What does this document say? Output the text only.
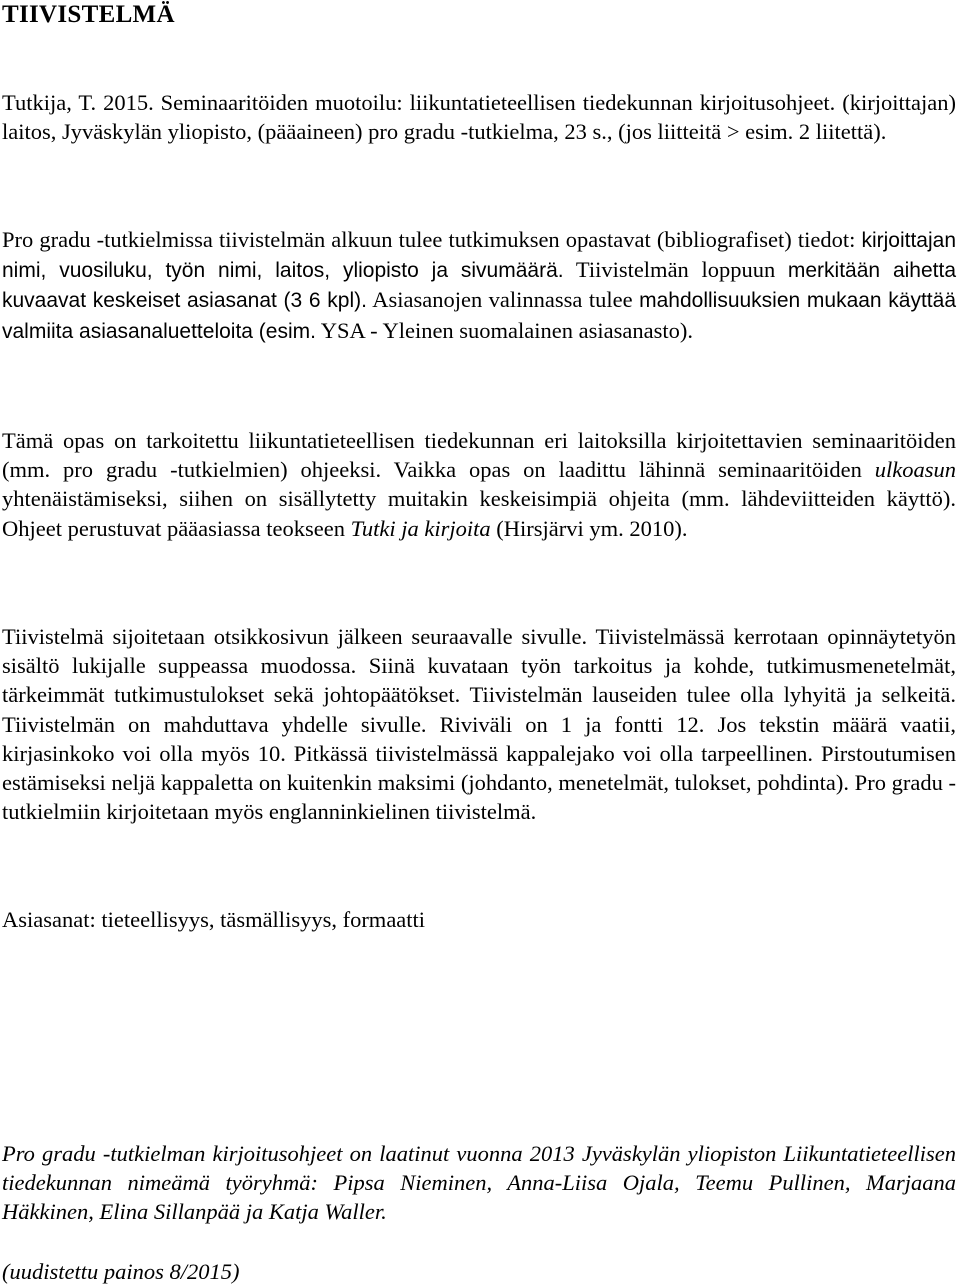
TIIVISTELMÄ

Tutkija, T. 2015. Seminaaritöiden muotoilu: liikuntatieteellisen tiedekunnan kirjoitusohjeet. (kirjoittajan) laitos, Jyväskylän yliopisto, (pääaineen) pro gradu -tutkielma, 23 s., (jos liitteitä > esim. 2 liitettä).

Pro gradu -tutkielmissa tiivistelmän alkuun tulee tutkimuksen opastavat (bibliografiset) tiedot: kirjoittajan nimi, vuosiluku, työn nimi, laitos, yliopisto ja sivumäärä. Tiivistelmän loppuun merkitään aihetta kuvaavat keskeiset asiasanat (3 6 kpl). Asiasanojen valinnassa tulee mahdollisuuksien mukaan käyttää valmiita asiasanaluetteloita (esim. YSA - Yleinen suomalainen asiasanasto).

Tämä opas on tarkoitettu liikuntatieteellisen tiedekunnan eri laitoksilla kirjoitettavien seminaaritöiden (mm. pro gradu -tutkielmien) ohjeeksi. Vaikka opas on laadittu lähinnä seminaaritöiden ulkoasun yhtenäistämiseksi, siihen on sisällytetty muitakin keskeisimpiä ohjeita (mm. lähdeviitteiden käyttö). Ohjeet perustuvat pääasiassa teokseen Tutki ja kirjoita (Hirsjärvi ym. 2010).

Tiivistelmä sijoitetaan otsikkosivun jälkeen seuraavalle sivulle. Tiivistelmässä kerrotaan opinnäytetyön sisältö lukijalle suppeassa muodossa. Siinä kuvataan työn tarkoitus ja kohde, tutkimusmenetelmät, tärkeimmät tutkimustulokset sekä johtopäätökset. Tiivistelmän lauseiden tulee olla lyhyitä ja selkeitä. Tiivistelmän on mahduttava yhdelle sivulle. Riviväli on 1 ja fontti 12. Jos tekstin määrä vaatii, kirjasinkoko voi olla myös 10. Pitkässä tiivistelmässä kappalejako voi olla tarpeellinen. Pirstoutumisen estämiseksi neljä kappaletta on kuitenkin maksimi (johdanto, menetelmät, tulokset, pohdinta). Pro gradu -tutkielmiin kirjoitetaan myös englanninkielinen tiivistelmä.

Asiasanat: tieteellisyys, täsmällisyys, formaatti

Pro gradu -tutkielman kirjoitusohjeet on laatinut vuonna 2013 Jyväskylän yliopiston Liikuntatieteellisen tiedekunnan nimeämä työryhmä: Pipsa Nieminen, Anna-Liisa Ojala, Teemu Pullinen, Marjaana Häkkinen, Elina Sillanpää ja Katja Waller.

(uudistettu painos 8/2015)
